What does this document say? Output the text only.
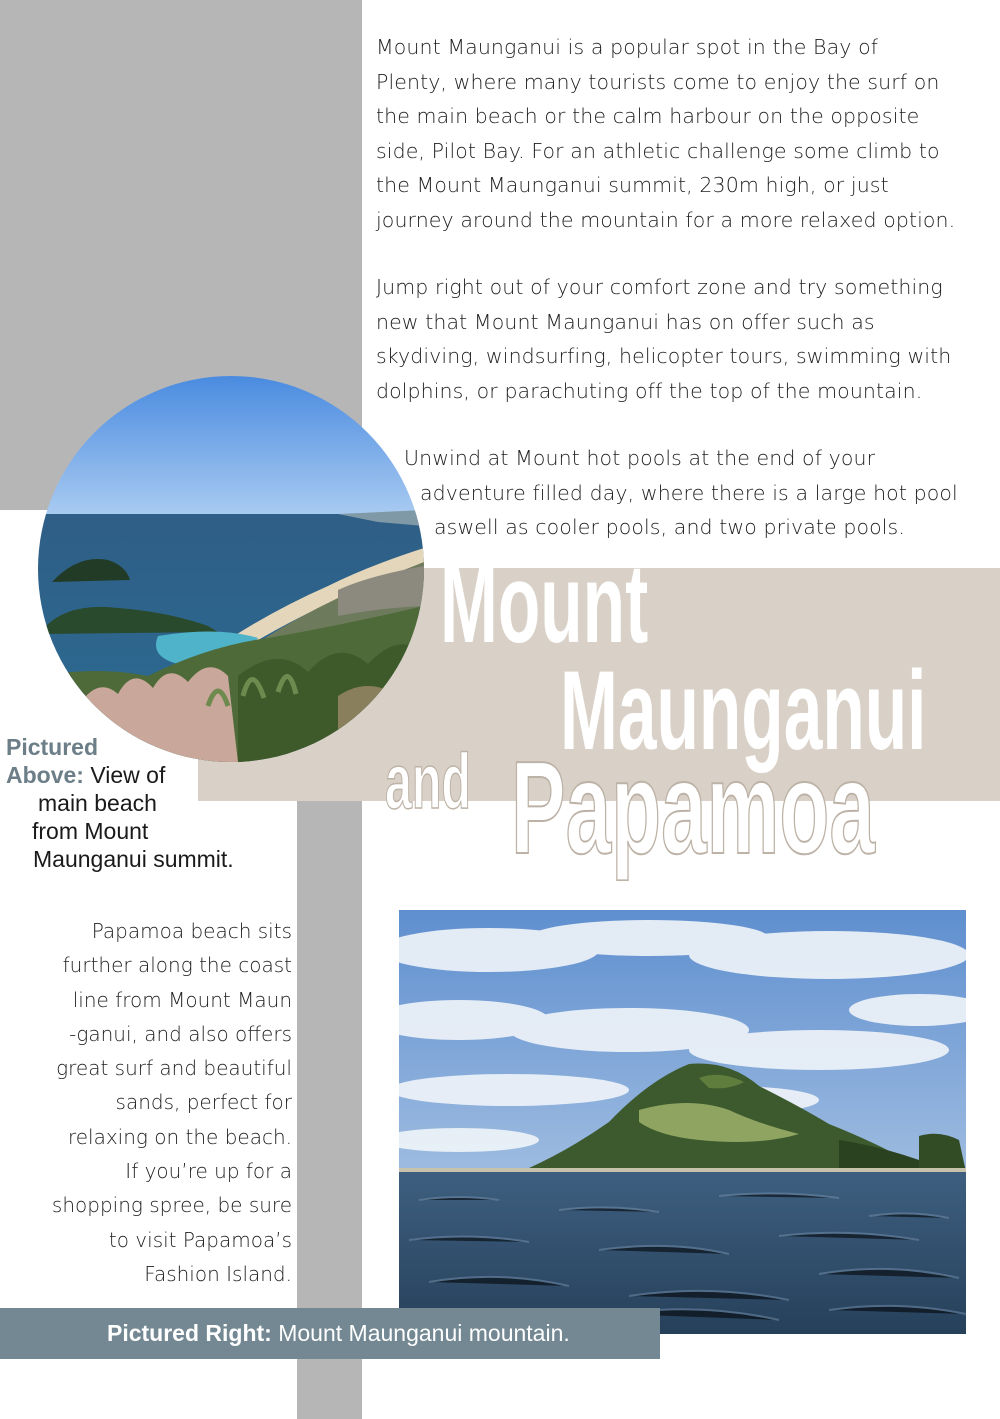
Mount Maunganui is a popular spot in the Bay of
Plenty, where many tourists come to enjoy the surf on
the main beach or the calm harbour on the opposite
side, Pilot Bay. For an athletic challenge some climb to
the Mount Maunganui summit, 230m high, or just
journey around the mountain for a more relaxed option.
Jump right out of your comfort zone and try something
new that Mount Maunganui has on offer such as
skydiving, windsurfing, helicopter tours, swimming with
dolphins, or parachuting off the top of the mountain.
Unwind at Mount hot pools at the end of your
adventure filled day, where there is a large hot pool
aswell as cooler pools, and two private pools.
Mount
Maunganui
and Papamoa
Pictured
Above: View of
main beach
from Mount
Maunganui summit.
Papamoa beach sits
further along the coast
line from Mount Maun
-ganui, and also offers
great surf and beautiful
sands, perfect for
relaxing on the beach.
If you’re up for a
shopping spree, be sure
to visit Papamoa’s
Fashion Island.
Pictured Right: Mount Maunganui mountain.
